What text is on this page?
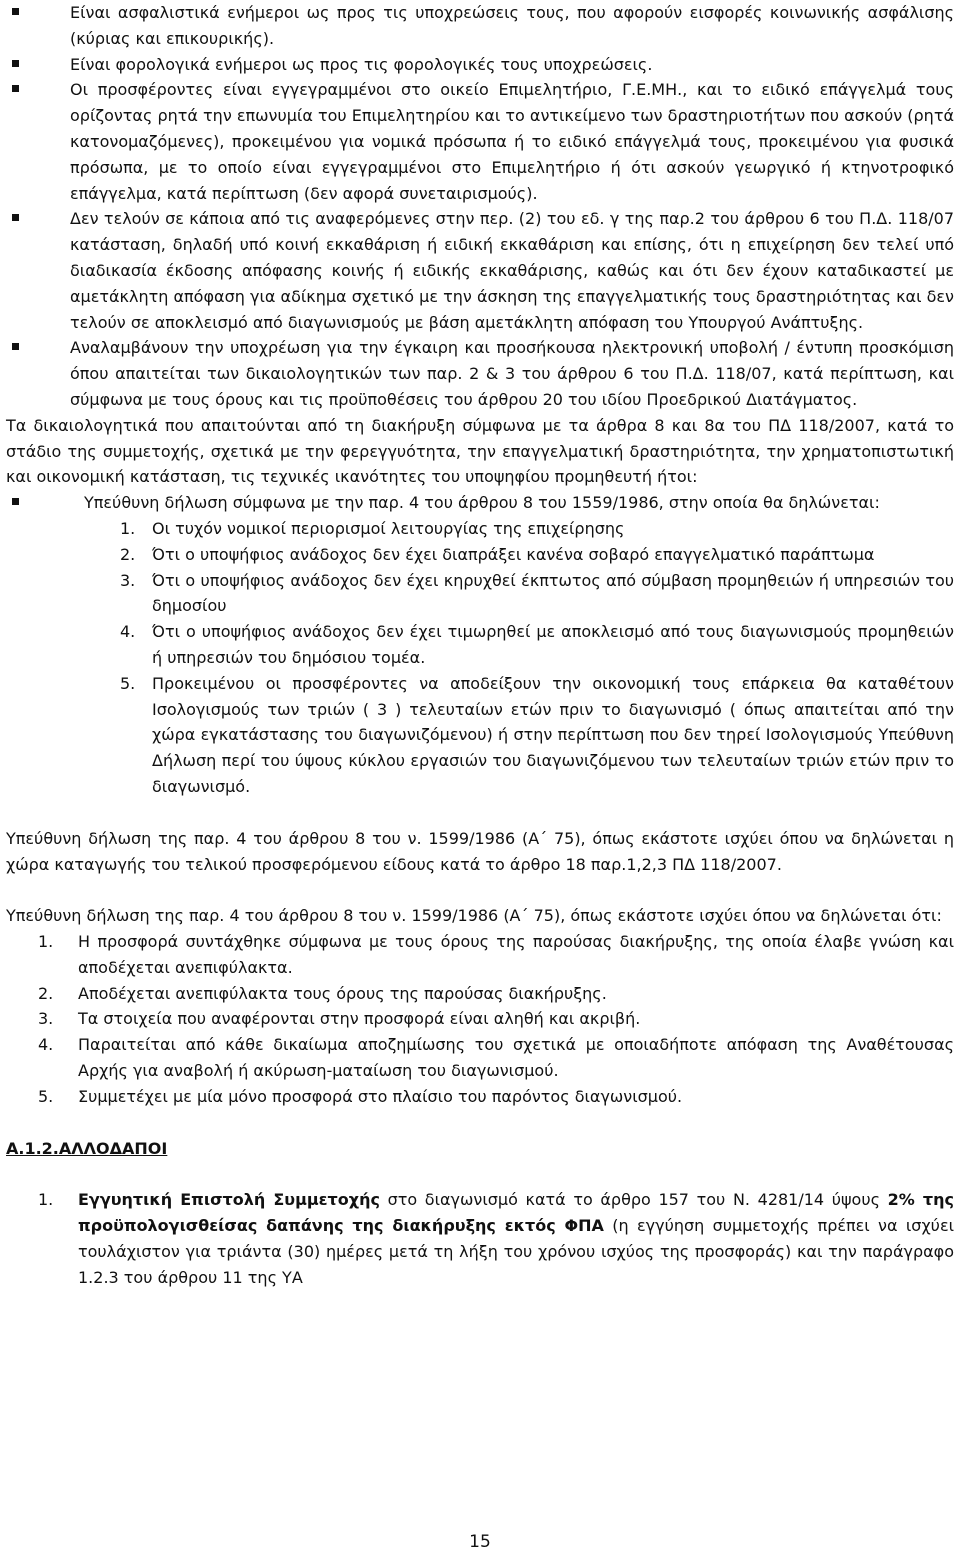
Είναι ασφαλιστικά ενήμεροι ως προς τις υποχρεώσεις τους, που αφορούν εισφορές κοινωνικής ασφάλισης (κύριας και επικουρικής).
Είναι φορολογικά ενήμεροι ως προς τις φορολογικές τους υποχρεώσεις.
Οι προσφέροντες είναι εγγεγραμμένοι στο οικείο Επιμελητήριο, Γ.Ε.ΜΗ., και το ειδικό επάγγελμά τους ορίζοντας ρητά την επωνυμία του Επιμελητηρίου και το αντικείμενο των δραστηριοτήτων που ασκούν (ρητά κατονομαζόμενες), προκειμένου για νομικά πρόσωπα ή το ειδικό επάγγελμά τους, προκειμένου για φυσικά πρόσωπα, με το οποίο είναι εγγεγραμμένοι στο Επιμελητήριο ή ότι ασκούν γεωργικό ή κτηνοτροφικό επάγγελμα, κατά περίπτωση (δεν αφορά συνεταιρισμούς).
Δεν τελούν σε κάποια από τις αναφερόμενες στην περ. (2) του εδ. γ της παρ.2 του άρθρου 6 του Π.Δ. 118/07 κατάσταση, δηλαδή υπό κοινή εκκαθάριση ή ειδική εκκαθάριση και επίσης, ότι η επιχείρηση δεν τελεί υπό διαδικασία έκδοσης απόφασης κοινής ή ειδικής εκκαθάρισης, καθώς και ότι δεν έχουν καταδικαστεί με αμετάκλητη απόφαση για αδίκημα σχετικό με την άσκηση της επαγγελματικής τους δραστηριότητας και δεν τελούν σε αποκλεισμό από διαγωνισμούς με βάση αμετάκλητη απόφαση του Υπουργού Ανάπτυξης.
Αναλαμβάνουν την υποχρέωση για την έγκαιρη και προσήκουσα ηλεκτρονική υποβολή / έντυπη προσκόμιση όπου απαιτείται των δικαιολογητικών των παρ. 2 & 3 του άρθρου 6 του Π.Δ. 118/07, κατά περίπτωση, και σύμφωνα με τους όρους και τις προϋποθέσεις του άρθρου 20 του ιδίου Προεδρικού Διατάγματος.

Τα δικαιολογητικά που απαιτούνται από τη διακήρυξη σύμφωνα με τα άρθρα 8 και 8α του ΠΔ 118/2007, κατά το στάδιο της συμμετοχής, σχετικά με την φερεγγυότητα, την επαγγελματική δραστηριότητα, την χρηματοπιστωτική και οικονομική κατάσταση, τις τεχνικές ικανότητες του υποψηφίου προμηθευτή ήτοι:

Υπεύθυνη δήλωση σύμφωνα με την παρ. 4 του άρθρου 8 του 1559/1986, στην οποία θα δηλώνεται:
1. Οι τυχόν νομικοί περιορισμοί λειτουργίας της επιχείρησης
2. Ότι ο υποψήφιος ανάδοχος δεν έχει διαπράξει κανένα σοβαρό επαγγελματικό παράπτωμα
3. Ότι ο υποψήφιος ανάδοχος δεν έχει κηρυχθεί έκπτωτος από σύμβαση προμηθειών ή υπηρεσιών του δημοσίου
4. Ότι ο υποψήφιος ανάδοχος δεν έχει τιμωρηθεί με αποκλεισμό από τους διαγωνισμούς προμηθειών ή υπηρεσιών του δημόσιου τομέα.
5. Προκειμένου οι προσφέροντες να αποδείξουν την οικονομική τους επάρκεια θα καταθέτουν Ισολογισμούς των τριών ( 3 ) τελευταίων ετών πριν το διαγωνισμό ( όπως απαιτείται από την χώρα εγκατάστασης του διαγωνιζόμενου) ή στην περίπτωση που δεν τηρεί Ισολογισμούς Υπεύθυνη Δήλωση περί του ύψους κύκλου εργασιών του διαγωνιζόμενου των τελευταίων τριών ετών πριν το διαγωνισμό.

Υπεύθυνη δήλωση της παρ. 4 του άρθρου 8 του ν. 1599/1986 (Α΄ 75), όπως εκάστοτε ισχύει όπου να δηλώνεται η χώρα καταγωγής του τελικού προσφερόμενου είδους κατά το άρθρο 18 παρ.1,2,3 ΠΔ 118/2007.

Υπεύθυνη δήλωση της παρ. 4 του άρθρου 8 του ν. 1599/1986 (Α΄ 75), όπως εκάστοτε ισχύει όπου να δηλώνεται ότι:

1. Η προσφορά συντάχθηκε σύμφωνα με τους όρους της παρούσας διακήρυξης, της οποία έλαβε γνώση και αποδέχεται ανεπιφύλακτα.
2. Αποδέχεται ανεπιφύλακτα τους όρους της παρούσας διακήρυξης.
3. Τα στοιχεία που αναφέρονται στην προσφορά είναι αληθή και ακριβή.
4. Παραιτείται από κάθε δικαίωμα αποζημίωσης του σχετικά με οποιαδήποτε απόφαση της Αναθέτουσας Αρχής για αναβολή ή ακύρωση-ματαίωση του διαγωνισμού.
5. Συμμετέχει με μία μόνο προσφορά στο πλαίσιο του παρόντος διαγωνισμού.
Α.1.2.ΑΛΛΟΔΑΠΟΙ
1. Εγγυητική Επιστολή Συμμετοχής στο διαγωνισμό κατά το άρθρο 157 του Ν. 4281/14 ύψους 2% της προϋπολογισθείσας δαπάνης της διακήρυξης εκτός ΦΠΑ (η εγγύηση συμμετοχής πρέπει να ισχύει τουλάχιστον για τριάντα (30) ημέρες μετά τη λήξη του χρόνου ισχύος της προσφοράς) και την παράγραφο 1.2.3 του άρθρου 11 της ΥΑ
15
